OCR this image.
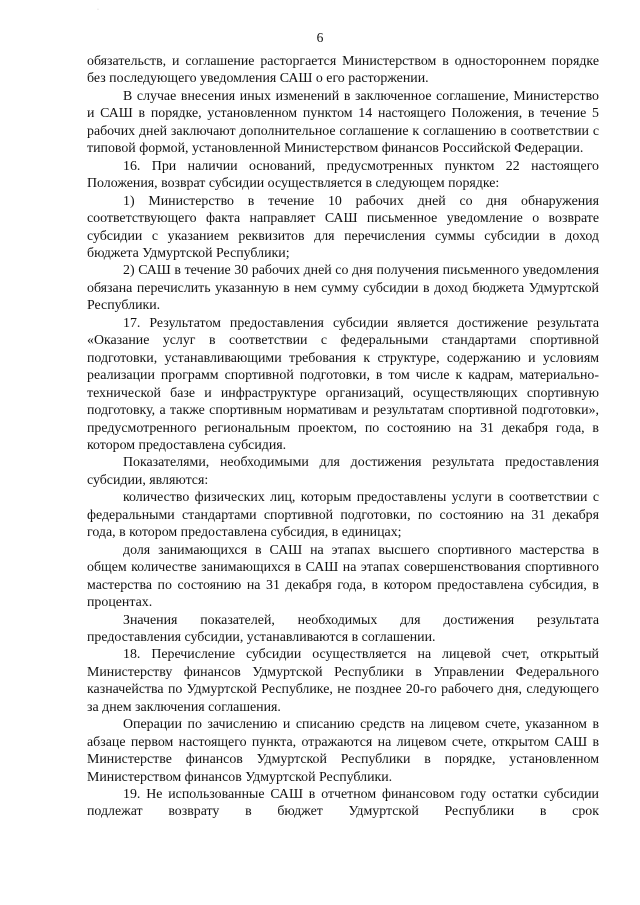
·
6

обязательств, и соглашение расторгается Министерством в одностороннем порядке без последующего уведомления САШ о его расторжении.

В случае внесения иных изменений в заключенное соглашение, Министерство и САШ в порядке, установленном пунктом 14 настоящего Положения, в течение 5 рабочих дней заключают дополнительное соглашение к соглашению в соответствии с типовой формой, установленной Министерством финансов Российской Федерации.

16. При наличии оснований, предусмотренных пунктом 22 настоящего Положения, возврат субсидии осуществляется в следующем порядке:

1) Министерство в течение 10 рабочих дней со дня обнаружения соответствующего факта направляет САШ письменное уведомление о возврате субсидии с указанием реквизитов для перечисления суммы субсидии в доход бюджета Удмуртской Республики;

2) САШ в течение 30 рабочих дней со дня получения письменного уведомления обязана перечислить указанную в нем сумму субсидии в доход бюджета Удмуртской Республики.

17. Результатом предоставления субсидии является достижение результата «Оказание услуг в соответствии с федеральными стандартами спортивной подготовки, устанавливающими требования к структуре, содержанию и условиям реализации программ спортивной подготовки, в том числе к кадрам, материально-технической базе и инфраструктуре организаций, осуществляющих спортивную подготовку, а также спортивным нормативам и результатам спортивной подготовки», предусмотренного региональным проектом, по состоянию на 31 декабря года, в котором предоставлена субсидия.

Показателями, необходимыми для достижения результата предоставления субсидии, являются:

количество физических лиц, которым предоставлены услуги в соответствии с федеральными стандартами спортивной подготовки, по состоянию на 31 декабря года, в котором предоставлена субсидия, в единицах;

доля занимающихся в САШ на этапах высшего спортивного мастерства в общем количестве занимающихся в САШ на этапах совершенствования спортивного мастерства по состоянию на 31 декабря года, в котором предоставлена субсидия, в процентах.

Значения показателей, необходимых для достижения результата предоставления субсидии, устанавливаются в соглашении.

18. Перечисление субсидии осуществляется на лицевой счет, открытый Министерству финансов Удмуртской Республики в Управлении Федерального казначейства по Удмуртской Республике, не позднее 20-го рабочего дня, следующего за днем заключения соглашения.

Операции по зачислению и списанию средств на лицевом счете, указанном в абзаце первом настоящего пункта, отражаются на лицевом счете, открытом САШ в Министерстве финансов Удмуртской Республики в порядке, установленном Министерством финансов Удмуртской Республики.

19. Не использованные САШ в отчетном финансовом году остатки субсидии подлежат возврату в бюджет Удмуртской Республики в срок
